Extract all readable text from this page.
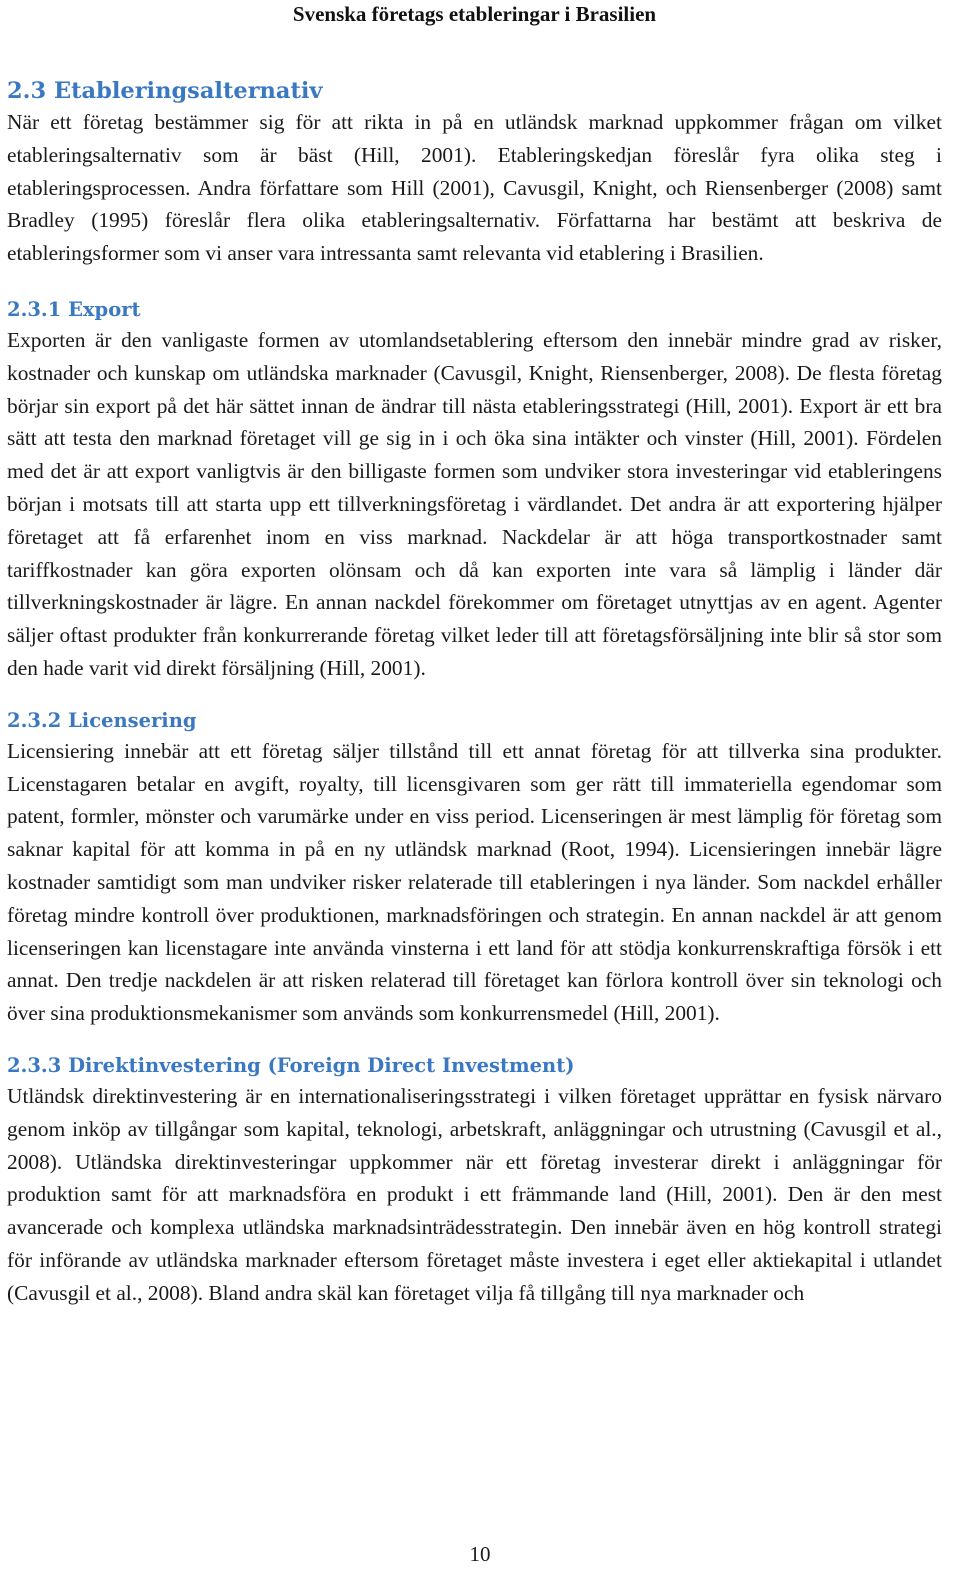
Svenska företags etableringar i Brasilien
2.3 Etableringsalternativ

När ett företag bestämmer sig för att rikta in på en utländsk marknad uppkommer frågan om vilket etableringsalternativ som är bäst (Hill, 2001). Etableringskedjan föreslår fyra olika steg i etableringsprocessen. Andra författare som Hill (2001), Cavusgil, Knight, och Riensenberger (2008) samt Bradley (1995) föreslår flera olika etableringsalternativ. Författarna har bestämt att beskriva de etableringsformer som vi anser vara intressanta samt relevanta vid etablering i Brasilien.

2.3.1 Export

Exporten är den vanligaste formen av utomlandsetablering eftersom den innebär mindre grad av risker, kostnader och kunskap om utländska marknader (Cavusgil, Knight, Riensenberger, 2008). De flesta företag börjar sin export på det här sättet innan de ändrar till nästa etableringsstrategi (Hill, 2001). Export är ett bra sätt att testa den marknad företaget vill ge sig in i och öka sina intäkter och vinster (Hill, 2001). Fördelen med det är att export vanligtvis är den billigaste formen som undviker stora investeringar vid etableringens början i motsats till att starta upp ett tillverkningsföretag i värdlandet. Det andra är att exportering hjälper företaget att få erfarenhet inom en viss marknad. Nackdelar är att höga transportkostnader samt tariffkostnader kan göra exporten olönsam och då kan exporten inte vara så lämplig i länder där tillverkningskostnader är lägre. En annan nackdel förekommer om företaget utnyttjas av en agent. Agenter säljer oftast produkter från konkurrerande företag vilket leder till att företagsförsäljning inte blir så stor som den hade varit vid direkt försäljning (Hill, 2001).

2.3.2 Licensering

Licensiering innebär att ett företag säljer tillstånd till ett annat företag för att tillverka sina produkter. Licenstagaren betalar en avgift, royalty, till licensgivaren som ger rätt till immateriella egendomar som patent, formler, mönster och varumärke under en viss period. Licenseringen är mest lämplig för företag som saknar kapital för att komma in på en ny utländsk marknad (Root, 1994). Licensieringen innebär lägre kostnader samtidigt som man undviker risker relaterade till etableringen i nya länder. Som nackdel erhåller företag mindre kontroll över produktionen, marknadsföringen och strategin. En annan nackdel är att genom licenseringen kan licenstagare inte använda vinsterna i ett land för att stödja konkurrenskraftiga försök i ett annat. Den tredje nackdelen är att risken relaterad till företaget kan förlora kontroll över sin teknologi och över sina produktionsmekanismer som används som konkurrensmedel (Hill, 2001).

2.3.3 Direktinvestering (Foreign Direct Investment)

Utländsk direktinvestering är en internationaliseringsstrategi i vilken företaget upprättar en fysisk närvaro genom inköp av tillgångar som kapital, teknologi, arbetskraft, anläggningar och utrustning (Cavusgil et al., 2008). Utländska direktinvesteringar uppkommer när ett företag investerar direkt i anläggningar för produktion samt för att marknadsföra en produkt i ett främmande land (Hill, 2001). Den är den mest avancerade och komplexa utländska marknadsinträdesstrategin. Den innebär även en hög kontroll strategi för införande av utländska marknader eftersom företaget måste investera i eget eller aktiekapital i utlandet (Cavusgil et al., 2008). Bland andra skäl kan företaget vilja få tillgång till nya marknader och

10
